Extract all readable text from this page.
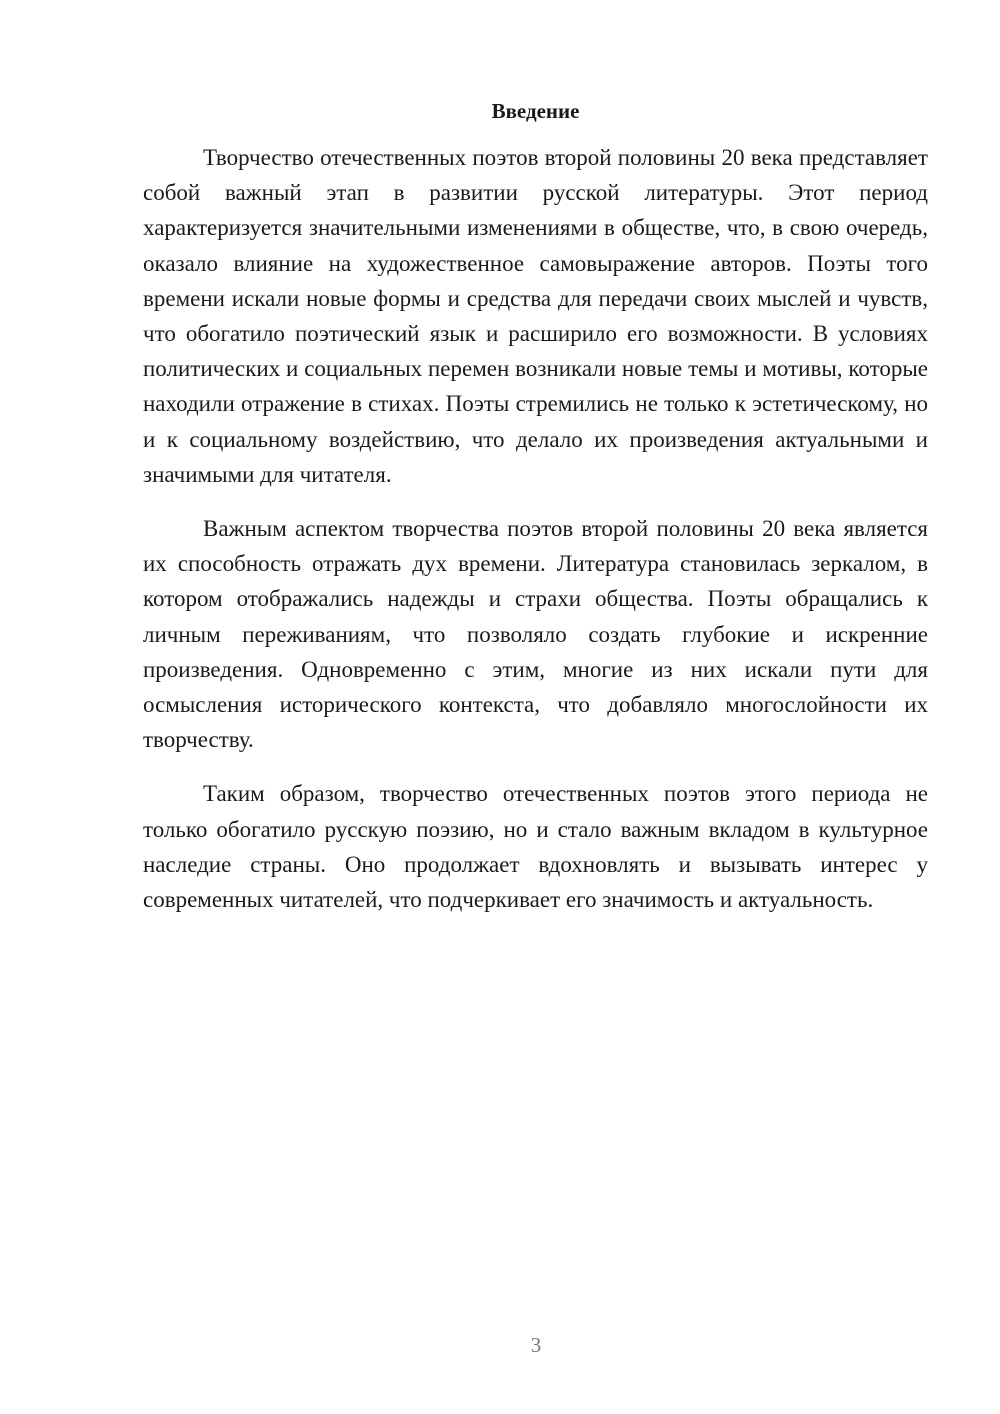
Введение

Творчество отечественных поэтов второй половины 20 века представляет собой важный этап в развитии русской литературы. Этот период характеризуется значительными изменениями в обществе, что, в свою очередь, оказало влияние на художественное самовыражение авторов. Поэты того времени искали новые формы и средства для передачи своих мыслей и чувств, что обогатило поэтический язык и расширило его возможности. В условиях политических и социальных перемен возникали новые темы и мотивы, которые находили отражение в стихах. Поэты стремились не только к эстетическому, но и к социальному воздействию, что делало их произведения актуальными и значимыми для читателя.

Важным аспектом творчества поэтов второй половины 20 века является их способность отражать дух времени. Литература становилась зеркалом, в котором отображались надежды и страхи общества. Поэты обращались к личным переживаниям, что позволяло создать глубокие и искренние произведения. Одновременно с этим, многие из них искали пути для осмысления исторического контекста, что добавляло многослойности их творчеству.

Таким образом, творчество отечественных поэтов этого периода не только обогатило русскую поэзию, но и стало важным вкладом в культурное наследие страны. Оно продолжает вдохновлять и вызывать интерес у современных читателей, что подчеркивает его значимость и актуальность.

3
